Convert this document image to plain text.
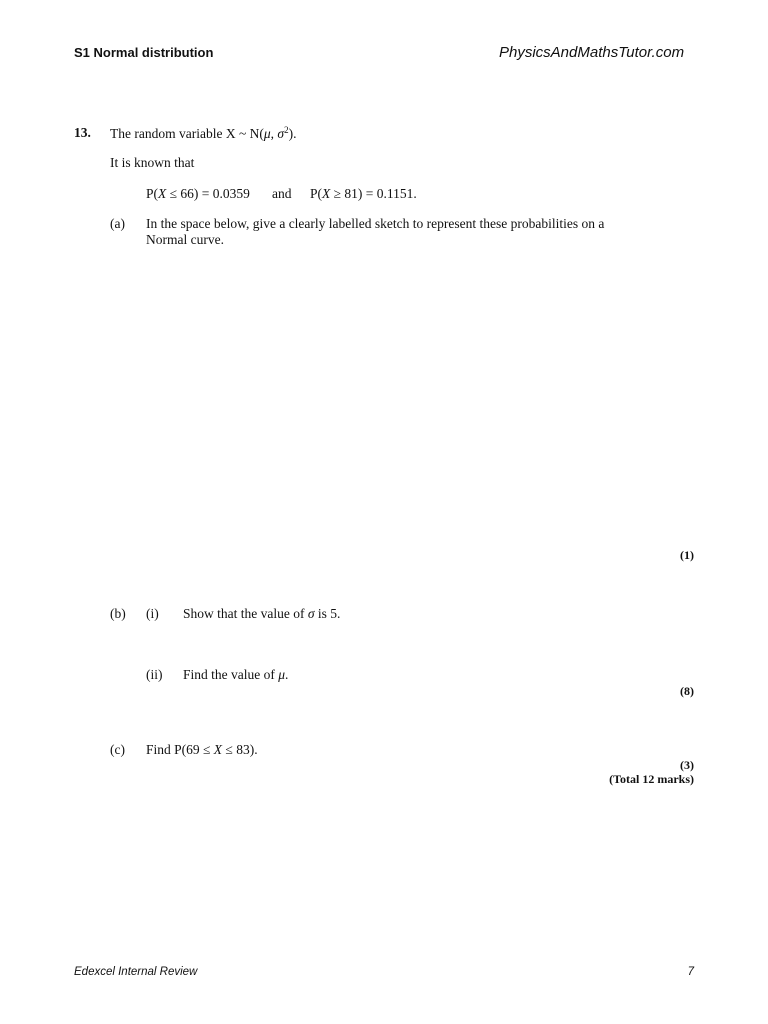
S1 Normal distribution	PhysicsAndMathsTutor.com
13. The random variable X ~ N(μ, $\sigma^2$).
It is known that
P(X ≤ 66) = 0.0359 and P(X ≥ 81) = 0.1151.
(a) In the space below, give a clearly labelled sketch to represent these probabilities on a Normal curve.
(1)
(b) (i) Show that the value of σ is 5.
(ii) Find the value of μ.
(8)
(c) Find P(69 ≤ X ≤ 83).
(3)
(Total 12 marks)
Edexcel Internal Review	7
